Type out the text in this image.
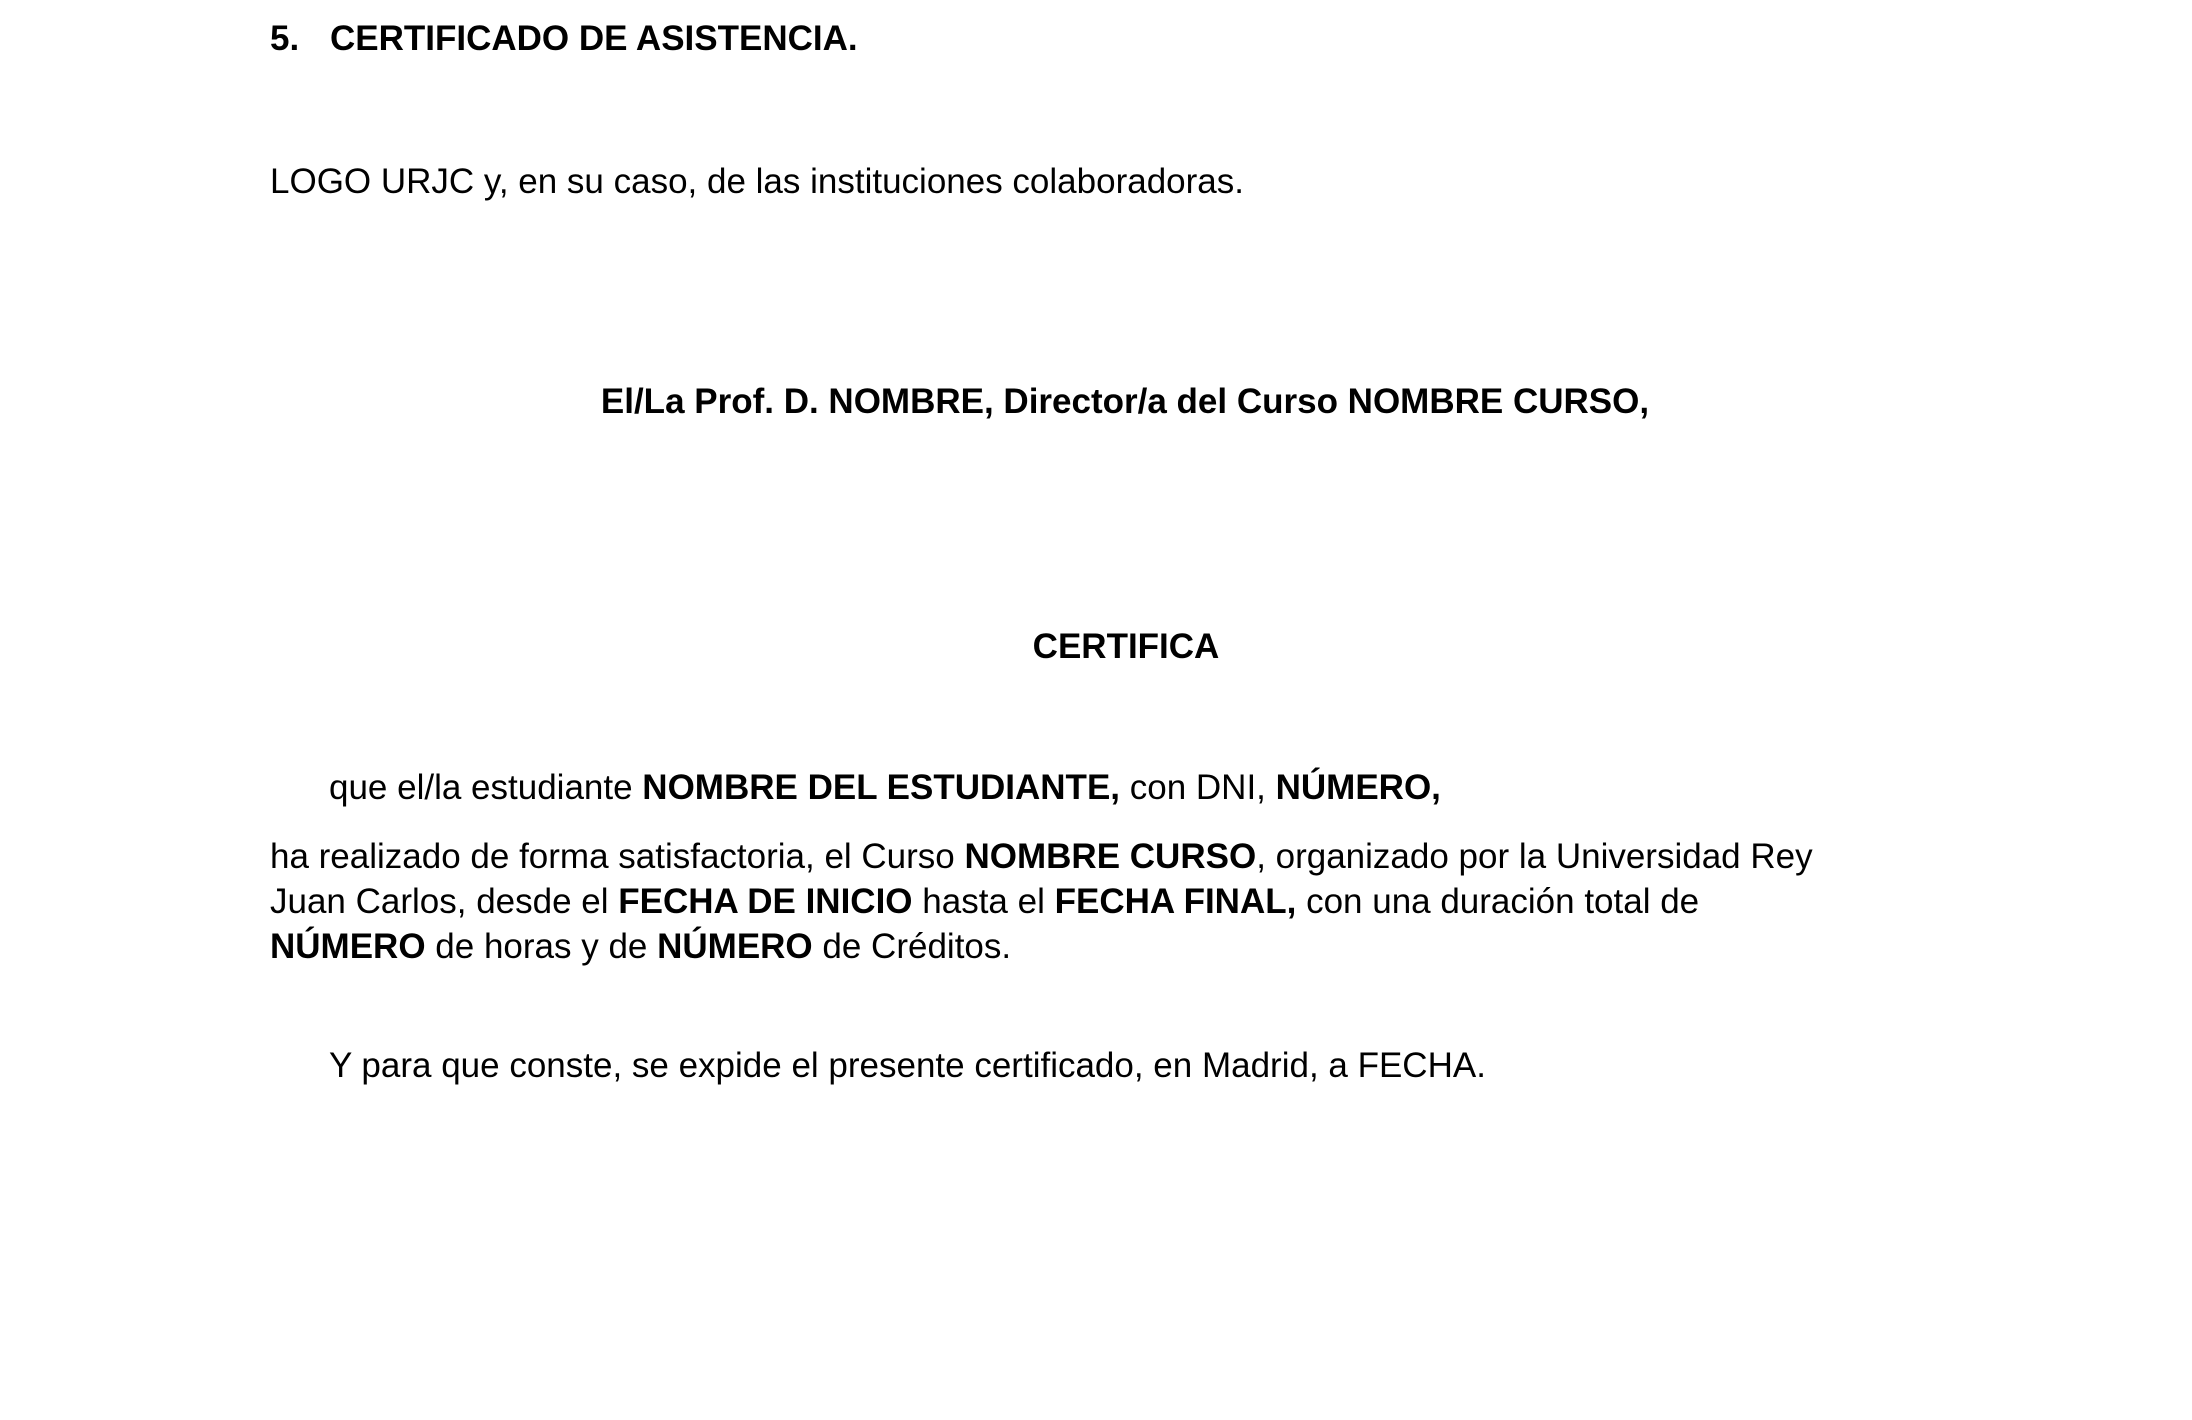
5. CERTIFICADO DE ASISTENCIA.
LOGO URJC y, en su caso, de las instituciones colaboradoras.
El/La Prof. D. NOMBRE, Director/a del Curso NOMBRE CURSO,
CERTIFICA
que el/la estudiante NOMBRE DEL ESTUDIANTE, con DNI, NÚMERO,
ha realizado de forma satisfactoria, el Curso NOMBRE CURSO, organizado por la Universidad Rey
Juan Carlos, desde el FECHA DE INICIO hasta el FECHA FINAL, con una duración total de
NÚMERO de horas y de NÚMERO de Créditos.
Y para que conste, se expide el presente certificado, en Madrid, a FECHA.
